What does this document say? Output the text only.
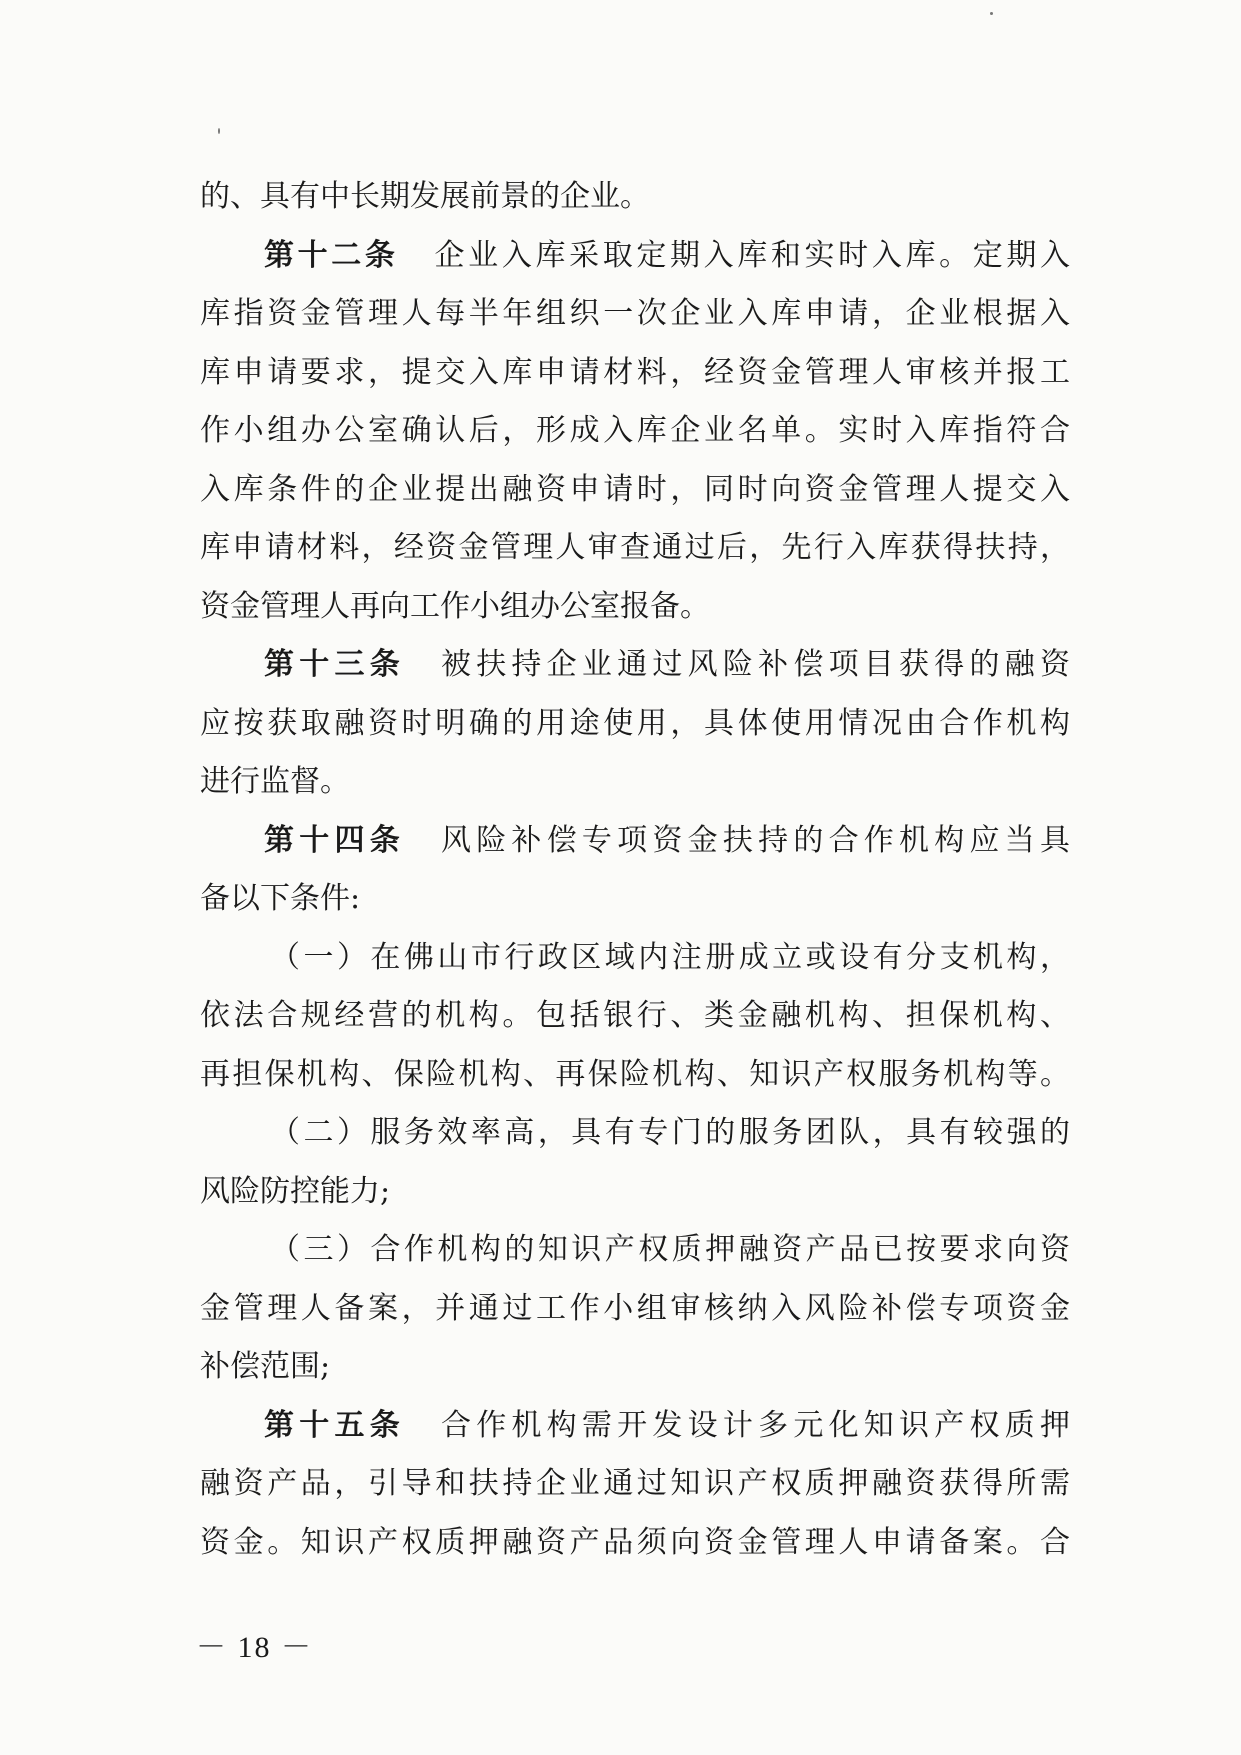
的、具有中长期发展前景的企业。
第十二条 企业入库采取定期入库和实时入库。定期入
库指资金管理人每半年组织一次企业入库申请，企业根据入
库申请要求，提交入库申请材料，经资金管理人审核并报工
作小组办公室确认后，形成入库企业名单。实时入库指符合
入库条件的企业提出融资申请时，同时向资金管理人提交入
库申请材料，经资金管理人审查通过后，先行入库获得扶持，
资金管理人再向工作小组办公室报备。
第十三条 被扶持企业通过风险补偿项目获得的融资
应按获取融资时明确的用途使用，具体使用情况由合作机构
进行监督。
第十四条 风险补偿专项资金扶持的合作机构应当具
备以下条件:
（一）在佛山市行政区域内注册成立或设有分支机构，
依法合规经营的机构。包括银行、类金融机构、担保机构、
再担保机构、保险机构、再保险机构、知识产权服务机构等。
（二）服务效率高，具有专门的服务团队，具有较强的
风险防控能力;
（三）合作机构的知识产权质押融资产品已按要求向资
金管理人备案，并通过工作小组审核纳入风险补偿专项资金
补偿范围;
第十五条 合作机构需开发设计多元化知识产权质押
融资产品，引导和扶持企业通过知识产权质押融资获得所需
资金。知识产权质押融资产品须向资金管理人申请备案。合
－ 18 －
